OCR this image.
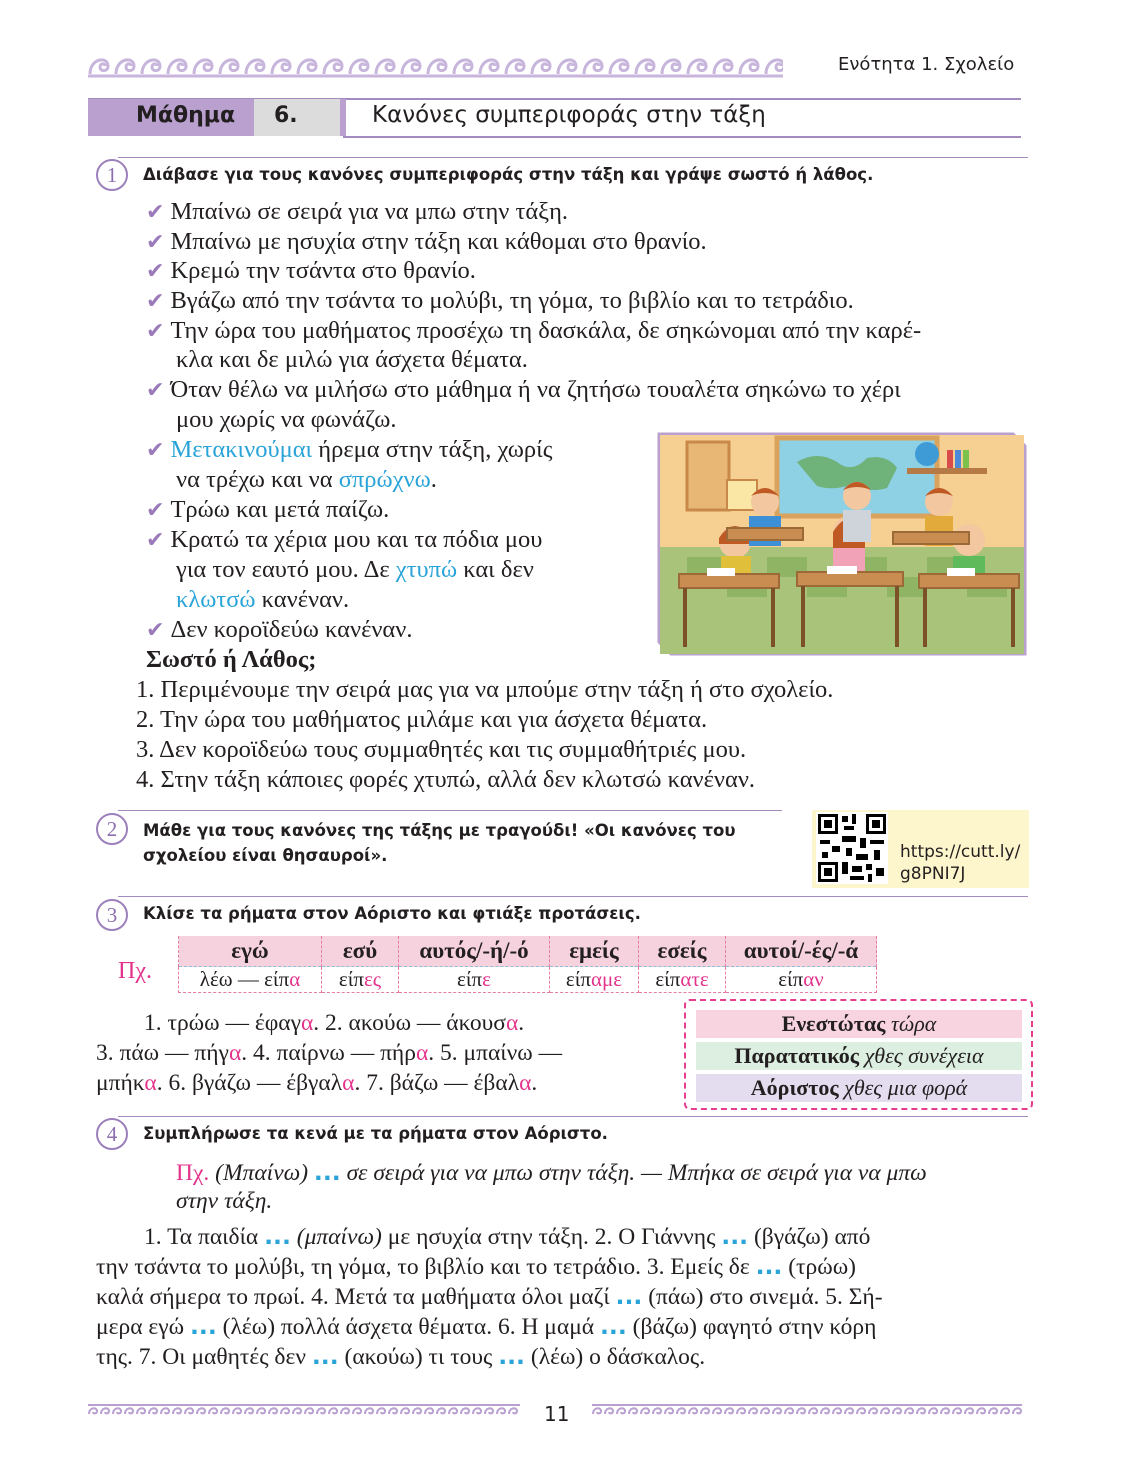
Ενότητα 1. Σχολείο
Μάθημα 6.	Κανόνες συμπεριφοράς στην τάξη
1	Διάβασε για τους κανόνες συμπεριφοράς στην τάξη και γράψε σωστό ή λάθος.
✔ Μπαίνω σε σειρά για να μπω στην τάξη.
✔ Μπαίνω με ησυχία στην τάξη και κάθομαι στο θρανίο.
✔ Κρεμώ την τσάντα στο θρανίο.
✔ Βγάζω από την τσάντα το μολύβι, τη γόμα, το βιβλίο και το τετράδιο.
✔ Την ώρα του μαθήματος προσέχω τη δασκάλα, δε σηκώνομαι από την καρέ-
κλα και δε μιλώ για άσχετα θέματα.
✔ Όταν θέλω να μιλήσω στο μάθημα ή να ζητήσω τουαλέτα σηκώνω το χέρι
μου χωρίς να φωνάζω.
✔ Μετακινούμαι ήρεμα στην τάξη, χωρίς
να τρέχω και να σπρώχνω.
✔ Τρώω και μετά παίζω.
✔ Κρατώ τα χέρια μου και τα πόδια μου
για τον εαυτό μου. Δε χτυπώ και δεν
κλωτσώ κανέναν.
✔ Δεν κοροϊδεύω κανέναν.
Σωστό ή Λάθος;
1. Περιμένουμε την σειρά μας για να μπούμε στην τάξη ή στο σχολείο.
2. Την ώρα του μαθήματος μιλάμε και για άσχετα θέματα.
3. Δεν κοροϊδεύω τους συμμαθητές και τις συμμαθήτριές μου.
4. Στην τάξη κάποιες φορές χτυπώ, αλλά δεν κλωτσώ κανέναν.
2	Μάθε για τους κανόνες της τάξης με τραγούδι! «Οι κανόνες του
σχολείου είναι θησαυροί».	https://cutt.ly/
g8PNI7J
3	Κλίσε τα ρήματα στον Αόριστο και φτιάξε προτάσεις.
Πχ.
εγώ	εσύ	αυτός/-ή/-ό	εμείς	εσείς	αυτοί/-ές/-ά
λέω — είπα	είπες	είπε	είπαμε	είπατε	είπαν
1. τρώω — έφαγα. 2. ακούω — άκουσα.
3. πάω — πήγα. 4. παίρνω — πήρα. 5. μπαίνω —
μπήκα. 6. βγάζω — έβγαλα. 7. βάζω — έβαλα.
Ενεστώτας τώρα
Παρατατικός χθες συνέχεια
Αόριστος χθες μια φορά
4	Συμπλήρωσε τα κενά με τα ρήματα στον Αόριστο.
Πχ. (Μπαίνω) ... σε σειρά για να μπω στην τάξη. — Μπήκα σε σειρά για να μπω
στην τάξη.
1. Τα παιδία ... (μπαίνω) με ησυχία στην τάξη. 2. Ο Γιάννης ... (βγάζω) από
την τσάντα το μολύβι, τη γόμα, το βιβλίο και το τετράδιο. 3. Εμείς δε ... (τρώω)
καλά σήμερα το πρωί. 4. Μετά τα μαθήματα όλοι μαζί ... (πάω) στο σινεμά. 5. Σή-
μερα εγώ ... (λέω) πολλά άσχετα θέματα. 6. Η μαμά ... (βάζω) φαγητό στην κόρη
της. 7. Οι μαθητές δεν ... (ακούω) τι τους ... (λέω) ο δάσκαλος.
11
